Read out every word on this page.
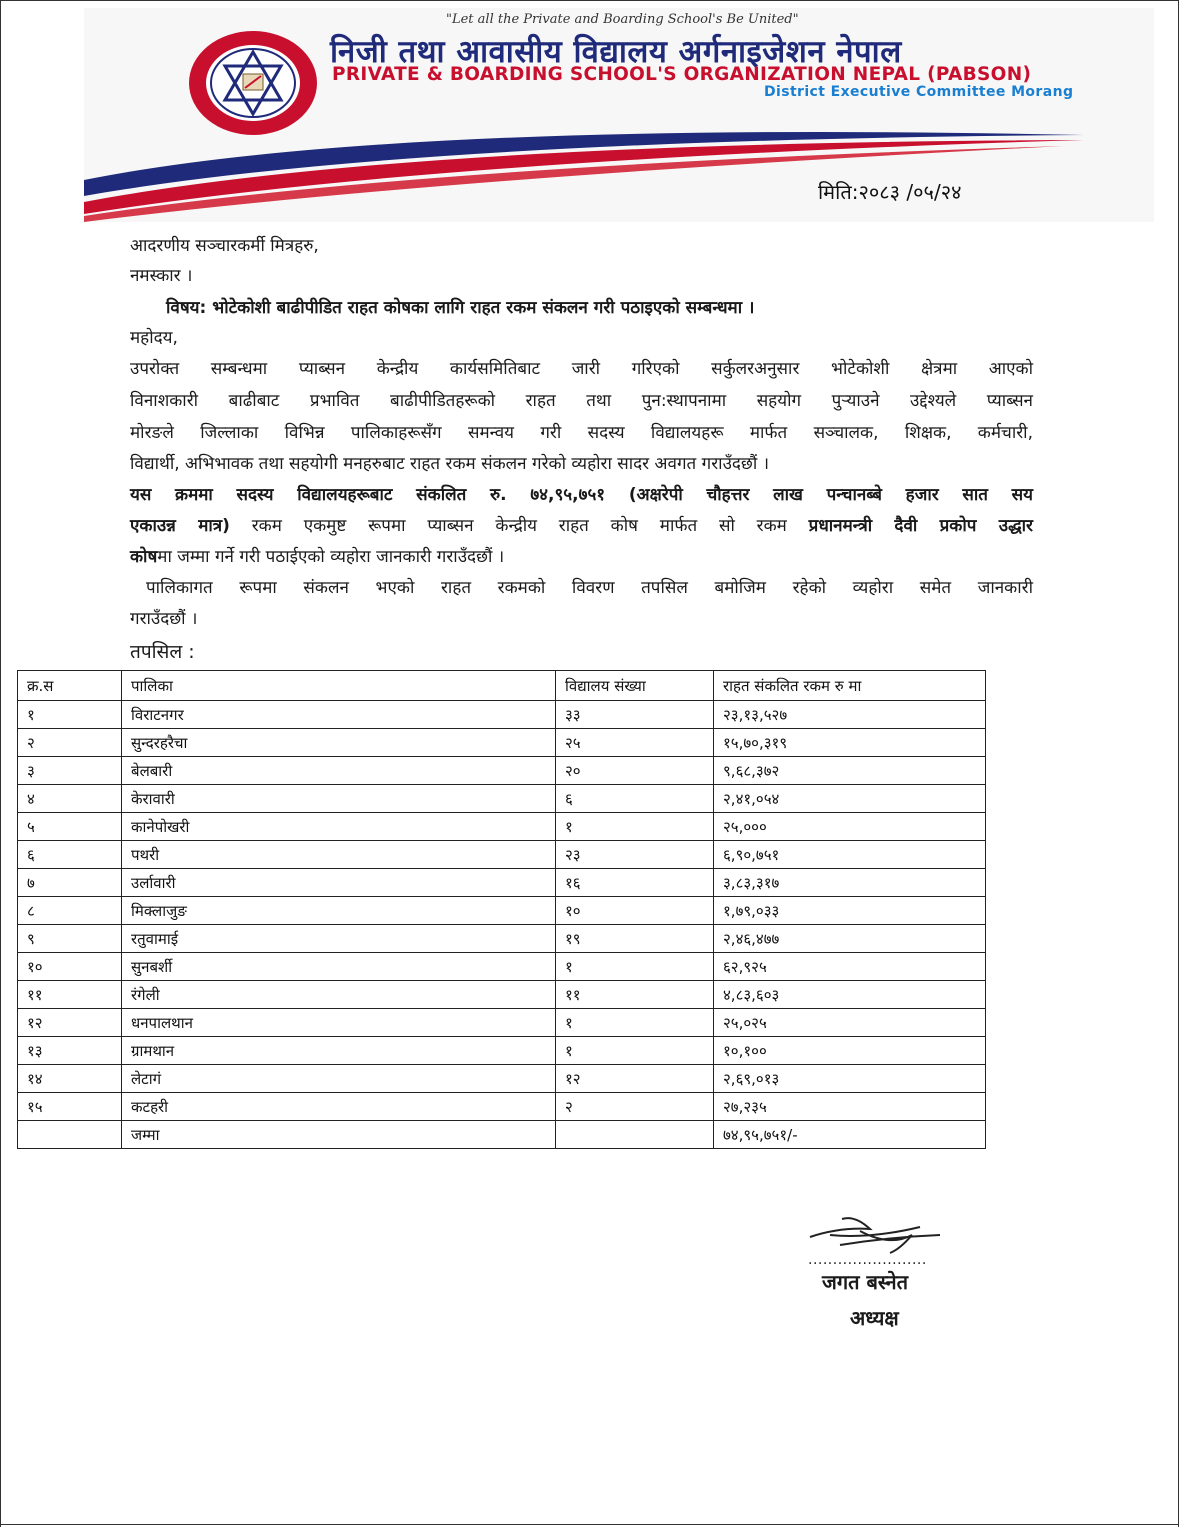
"Let all the Private and Boarding School's Be United"
निजी तथा आवासीय विद्यालय अर्गनाइजेशन नेपाल
PRIVATE & BOARDING SCHOOL'S ORGANIZATION NEPAL (PABSON)
District Executive Committee Morang
मिति:२०८३ /०५/२४
आदरणीय सञ्चारकर्मी मित्रहरु,
नमस्कार ।
विषय: भोटेकोशी बाढीपीडित राहत कोषका लागि राहत रकम संकलन गरी पठाइएको सम्बन्धमा ।
महोदय,
उपरोक्त सम्बन्धमा प्याब्सन केन्द्रीय कार्यसमितिबाट जारी गरिएको सर्कुलरअनुसार भोटेकोशी क्षेत्रमा आएको
विनाशकारी बाढीबाट प्रभावित बाढीपीडितहरूको राहत तथा पुन:स्थापनामा सहयोग पुऱ्याउने उद्देश्यले प्याब्सन
मोरङले जिल्लाका विभिन्न पालिकाहरूसँग समन्वय गरी सदस्य विद्यालयहरू मार्फत सञ्चालक, शिक्षक, कर्मचारी,
विद्यार्थी, अभिभावक तथा सहयोगी मनहरुबाट राहत रकम संकलन गरेको व्यहोरा सादर अवगत गराउँदछौं ।
यस क्रममा सदस्य विद्यालयहरूबाट संकलित रु. ७४,९५,७५१ (अक्षरेपी चौहत्तर लाख पन्चानब्बे हजार सात सय
एकाउन्न मात्र) रकम एकमुष्ट रूपमा प्याब्सन केन्द्रीय राहत कोष मार्फत सो रकम प्रधानमन्त्री दैवी प्रकोप उद्धार
कोषमा जम्मा गर्ने गरी पठाईएको व्यहोरा जानकारी गराउँदछौं ।
पालिकागत रूपमा संकलन भएको राहत रकमको विवरण तपसिल बमोजिम रहेको व्यहोरा समेत जानकारी
गराउँदछौं ।
तपसिल :
क्र.स	पालिका	विद्यालय संख्या	राहत संकलित रकम रु मा
१	विराटनगर	३३	२३,१३,५२७
२	सुन्दरहरैचा	२५	१५,७०,३१९
३	बेलबारी	२०	९,६८,३७२
४	केरावारी	६	२,४१,०५४
५	कानेपोखरी	१	२५,०००
६	पथरी	२३	६,९०,७५१
७	उर्लावारी	१६	३,८३,३१७
८	मिक्लाजुङ	१०	१,७९,०३३
९	रतुवामाई	१९	२,४६,४७७
१०	सुनबर्शी	१	६२,९२५
११	रंगेली	११	४,८३,६०३
१२	धनपालथान	१	२५,०२५
१३	ग्रामथान	१	१०,१००
१४	लेटागं	१२	२,६९,०१३
१५	कटहरी	२	२७,२३५
	जम्मा		७४,९५,७५१/-
........................
जगत बस्नेत
अध्यक्ष
